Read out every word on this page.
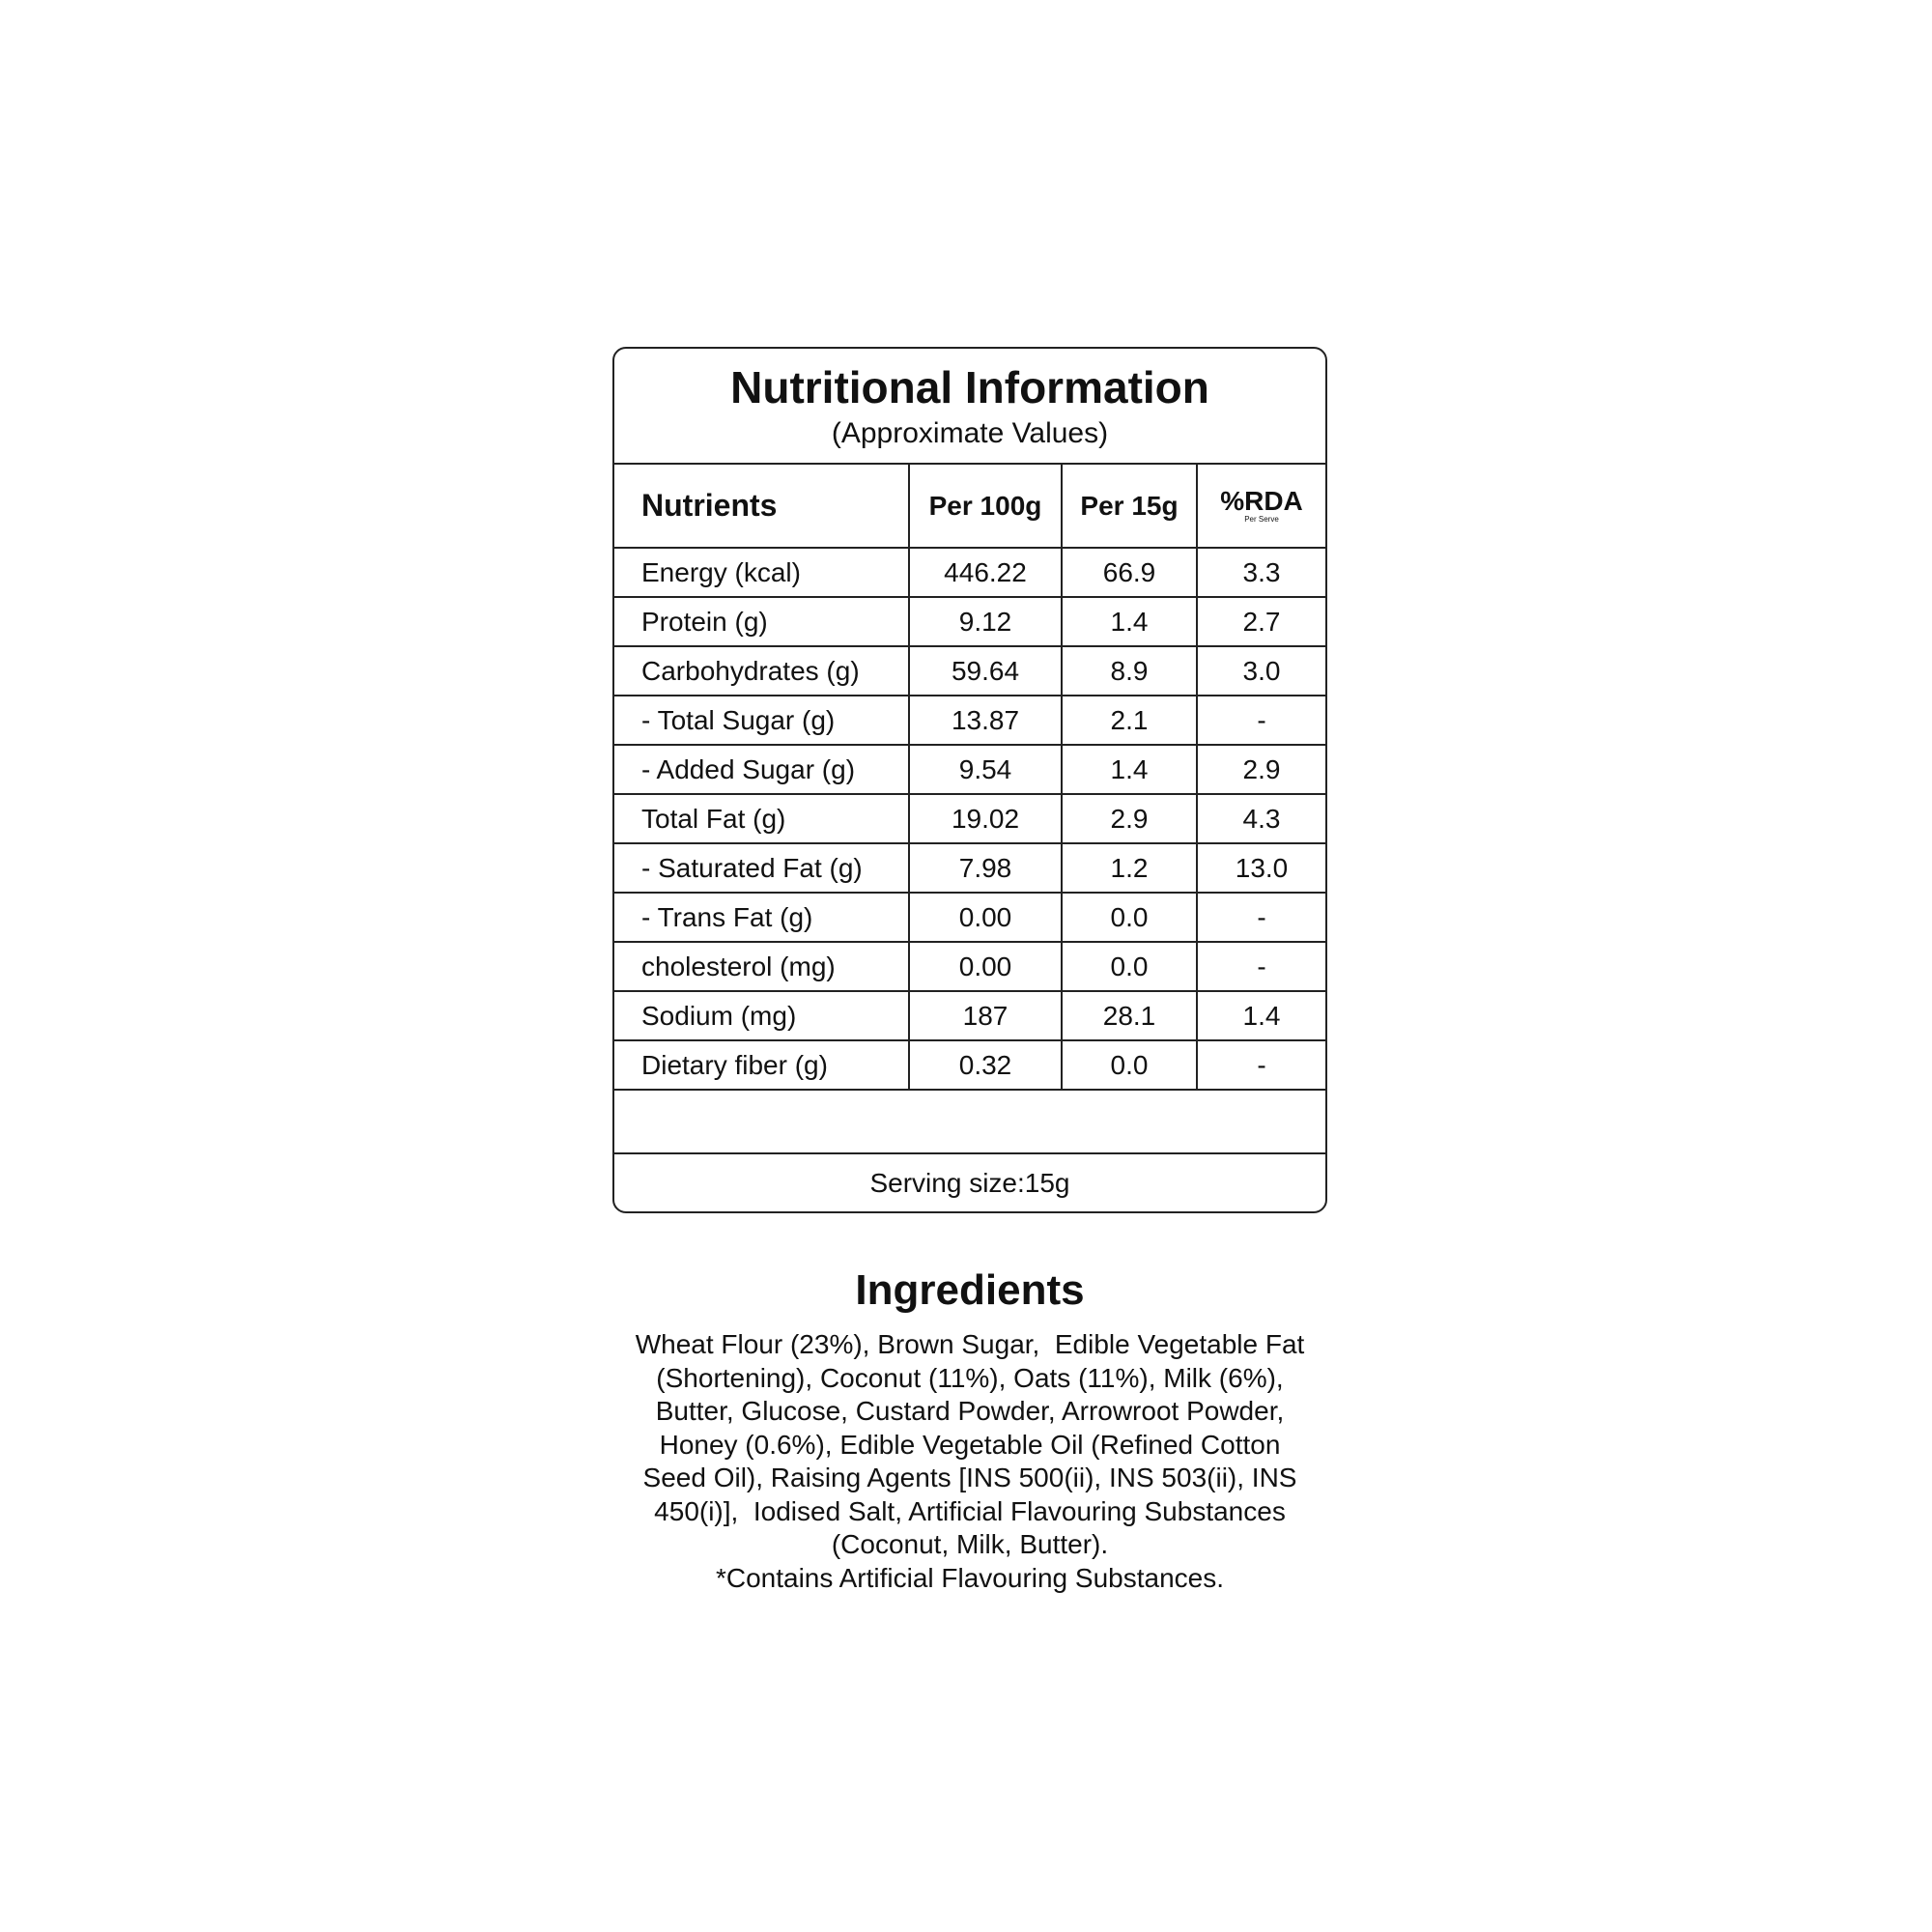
Nutritional Information
(Approximate Values)
Nutrients	Per 100g	Per 15g	%RDA
Per Serve

Energy (kcal)	446.22	66.9	3.3
Protein (g)	9.12	1.4	2.7
Carbohydrates (g)	59.64	8.9	3.0
- Total Sugar (g)	13.87	2.1	-
- Added Sugar (g)	9.54	1.4	2.9
Total Fat (g)	19.02	2.9	4.3
- Saturated Fat (g)	7.98	1.2	13.0
- Trans Fat (g)	0.00	0.0	-
cholesterol (mg)	0.00	0.0	-
Sodium (mg)	187	28.1	1.4
Dietary fiber (g)	0.32	0.0	-
Serving size:15g
Ingredients
Wheat Flour (23%), Brown Sugar,  Edible Vegetable Fat
(Shortening), Coconut (11%), Oats (11%), Milk (6%),
Butter, Glucose, Custard Powder, Arrowroot Powder,
Honey (0.6%), Edible Vegetable Oil (Refined Cotton
Seed Oil), Raising Agents [INS 500(ii), INS 503(ii), INS
450(i)],  Iodised Salt, Artificial Flavouring Substances
(Coconut, Milk, Butter).
*Contains Artificial Flavouring Substances.
